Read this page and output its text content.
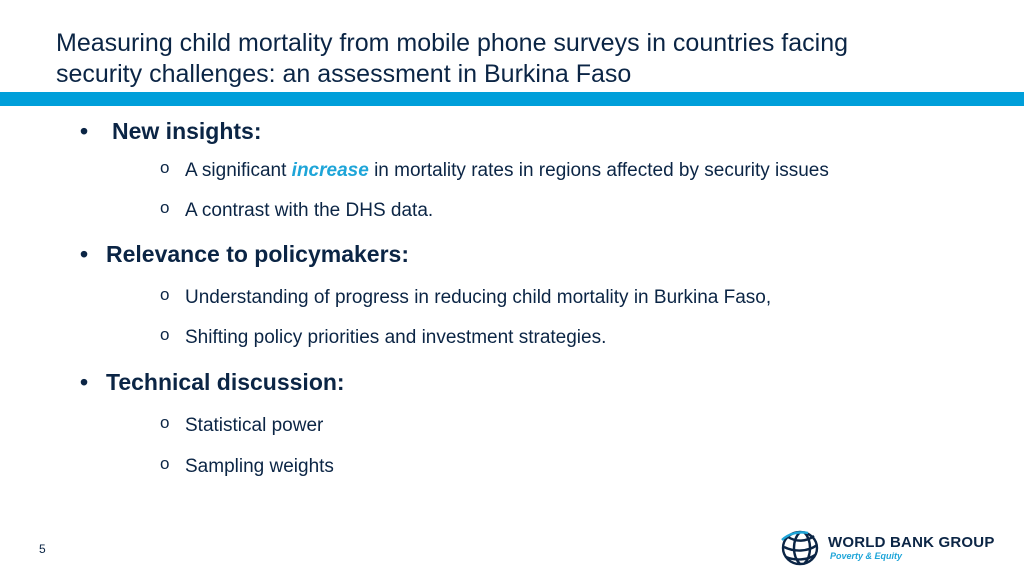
Measuring child mortality from mobile phone surveys in countries facing
security challenges: an assessment in Burkina Faso
• New insights:
o A significant increase in mortality rates in regions affected by security issues
o A contrast with the DHS data.
• Relevance to policymakers:
o Understanding of progress in reducing child mortality in Burkina Faso,
o Shifting policy priorities and investment strategies.
• Technical discussion:
o Statistical power
o Sampling weights
5	WORLD BANK GROUP
Poverty & Equity
